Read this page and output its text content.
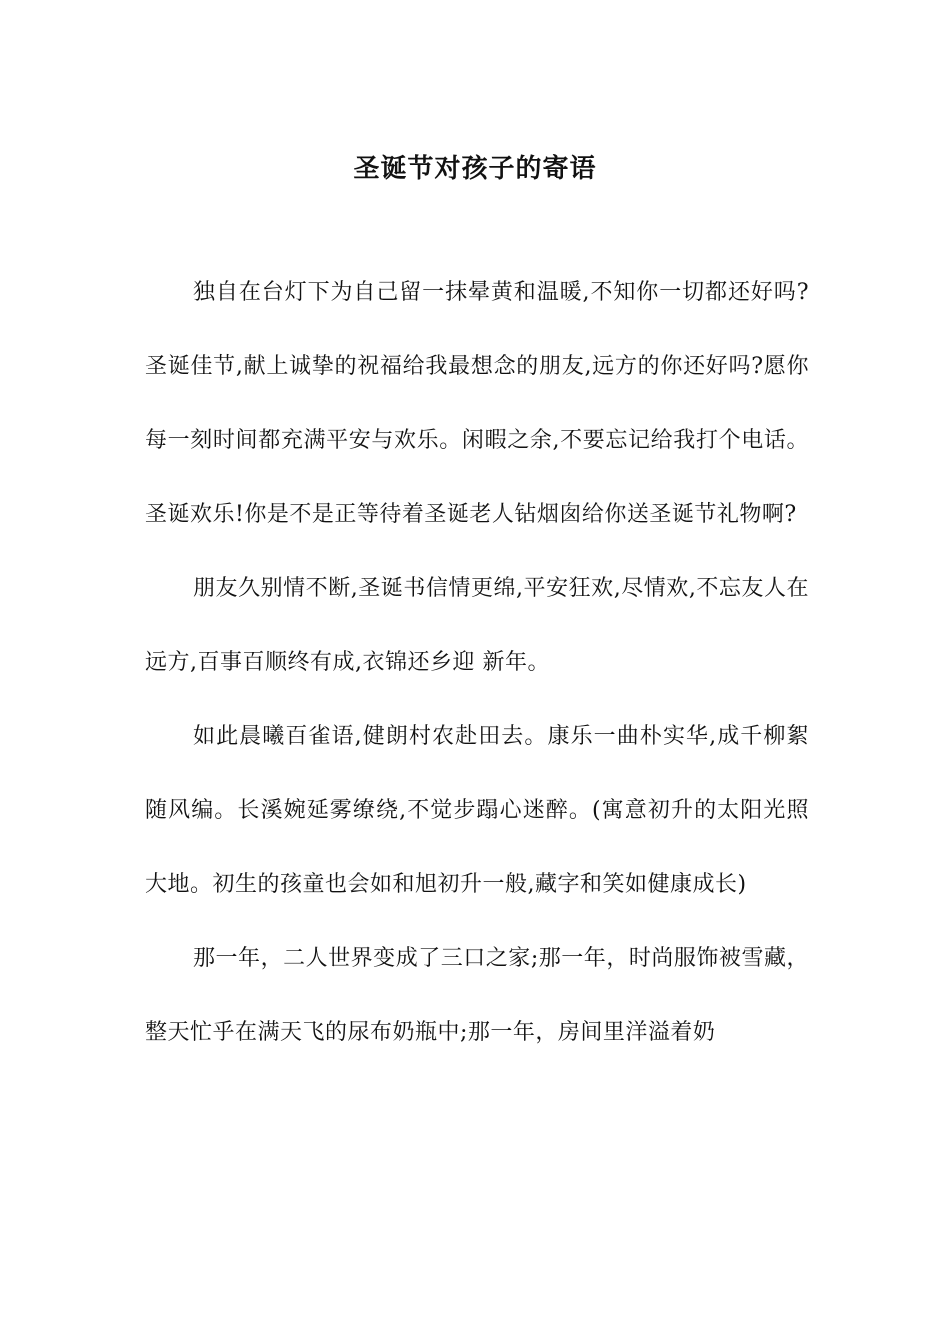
圣诞节对孩子的寄语

独自在台灯下为自己留一抹晕黄和温暖,不知你一切都还好吗?圣诞佳节,献上诚挚的祝福给我最想念的朋友,远方的你还好吗?愿你每一刻时间都充满平安与欢乐。闲暇之余,不要忘记给我打个电话。圣诞欢乐!你是不是正等待着圣诞老人钻烟囱给你送圣诞节礼物啊?

朋友久别情不断,圣诞书信情更绵,平安狂欢,尽情欢,不忘友人在远方,百事百顺终有成,衣锦还乡迎 新年。

如此晨曦百雀语,健朗村农赴田去。康乐一曲朴实华,成千柳絮随风编。长溪婉延雾缭绕,不觉步蹋心迷醉。(寓意初升的太阳光照大地。初生的孩童也会如和旭初升一般,藏字和笑如健康成长)

那一年，二人世界变成了三口之家;那一年，时尚服饰被雪藏，整天忙乎在满天飞的尿布奶瓶中;那一年，房间里洋溢着奶
